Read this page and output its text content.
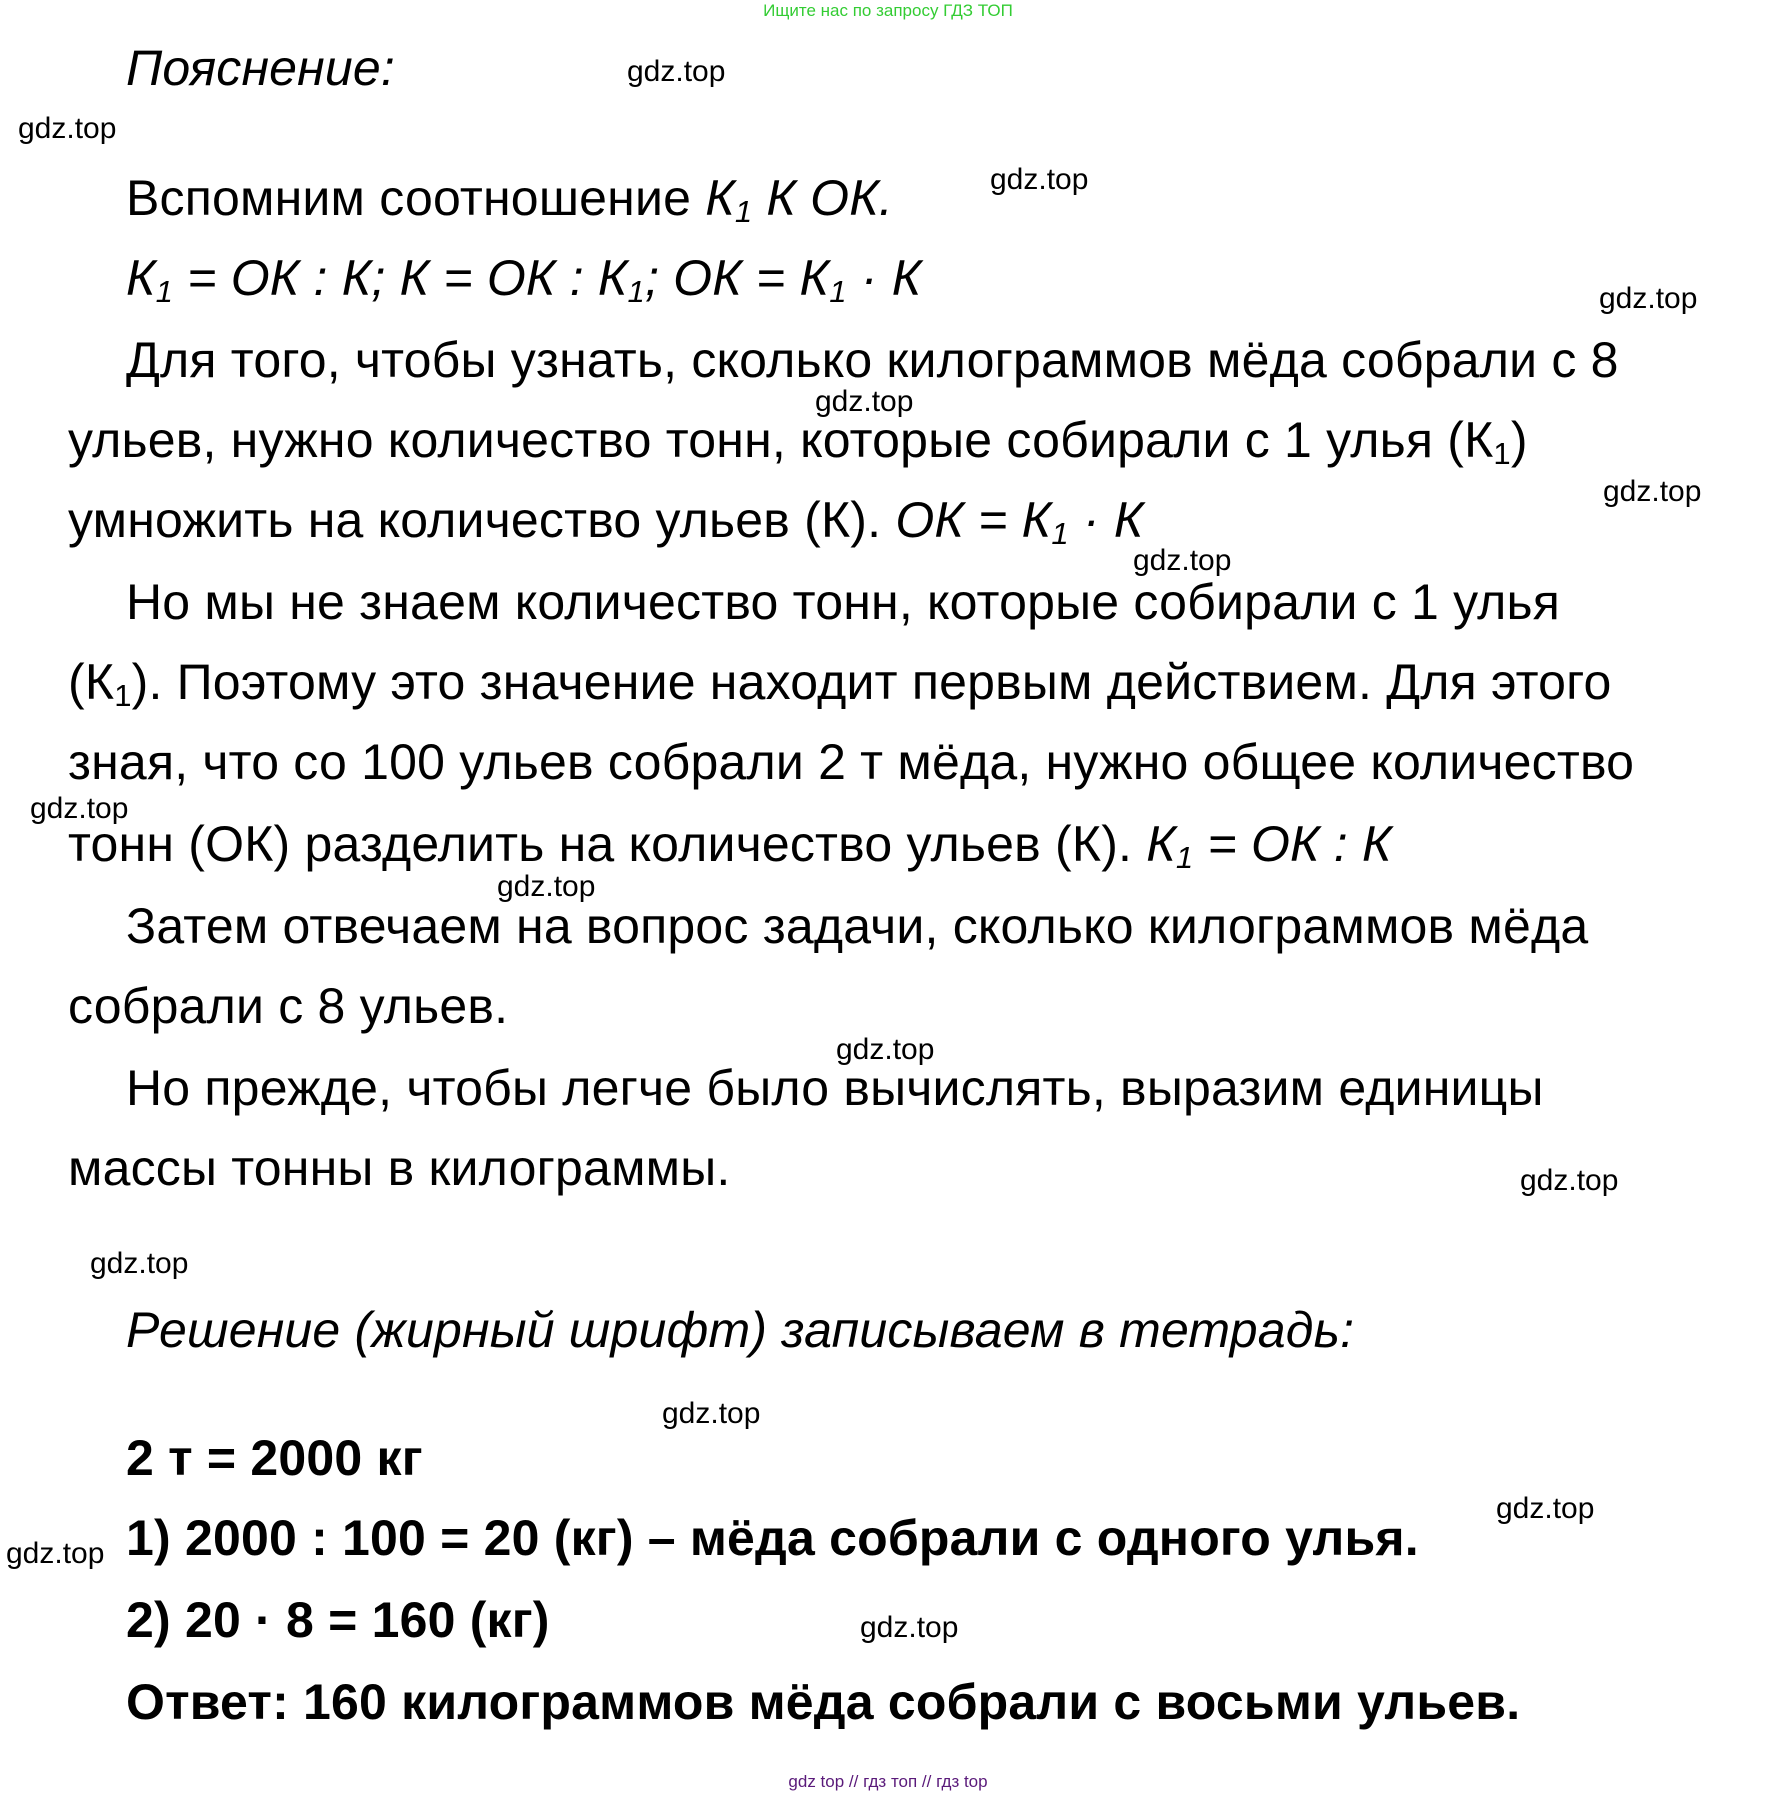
Ищите нас по запросу ГДЗ ТОП
Пояснение:
Вспомним соотношение $К_1$ К ОК.
$К_1$ = ОК : К; К = ОК : $К_1$; ОК = $К_1 \cdot К$
Для того, чтобы узнать, сколько килограммов мёда собрали с 8
ульев, нужно количество тонн, которые собирали с 1 улья $(К_1)$
умножить на количество ульев (К). ОК = $К_1 \cdot К$
Но мы не знаем количество тонн, которые собирали с 1 улья
$(К_1)$. Поэтому это значение находит первым действием. Для этого
зная, что со 100 ульев собрали 2 т мёда, нужно общее количество
тонн (ОК) разделить на количество ульев (К). $К_1$ = ОК : К
Затем отвечаем на вопрос задачи, сколько килограммов мёда
собрали с 8 ульев.
Но прежде, чтобы легче было вычислять, выразим единицы
массы тонны в килограммы.
Решение (жирный шрифт) записываем в тетрадь:
2 т = 2000 кг
1) 2000 : 100 = 20 (кг) – мёда собрали с одного улья.
2) 20 · 8 = 160 (кг)
Ответ: 160 килограммов мёда собрали с восьми ульев.
gdz.top
gdz.top
gdz.top
gdz.top
gdz.top
gdz.top
gdz.top
gdz.top
gdz.top
gdz.top
gdz.top
gdz.top
gdz.top
gdz.top
gdz.top
gdz.top
gdz top // гдз топ // гдз top
